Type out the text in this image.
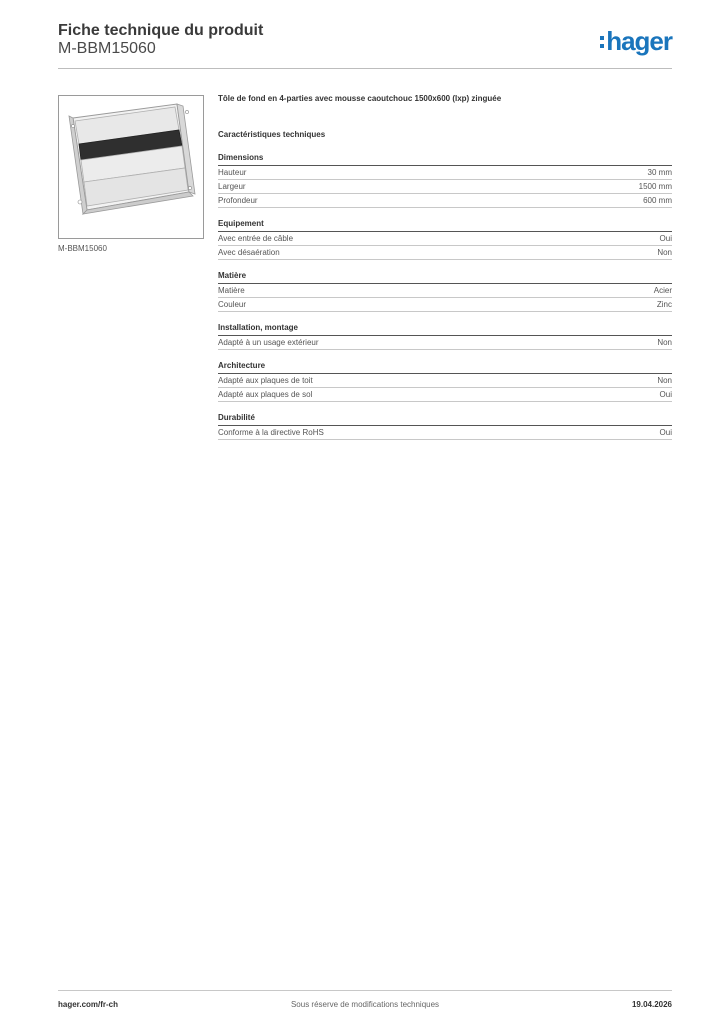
Fiche technique du produit
M-BBM15060	hager
M-BBM15060
Tôle de fond en 4-parties avec mousse caoutchouc 1500x600 (lxp) zinguée
Caractéristiques techniques
Dimensions
Hauteur	30 mm
Largeur	1500 mm
Profondeur	600 mm
Equipement
Avec entrée de câble	Oui
Avec désaération	Non
Matière
Matière	Acier
Couleur	Zinc
Installation, montage
Adapté à un usage extérieur	Non
Architecture
Adapté aux plaques de toit	Non
Adapté aux plaques de sol	Oui
Durabilité
Conforme à la directive RoHS	Oui
hager.com/fr-ch	Sous réserve de modifications techniques	19.04.2026
